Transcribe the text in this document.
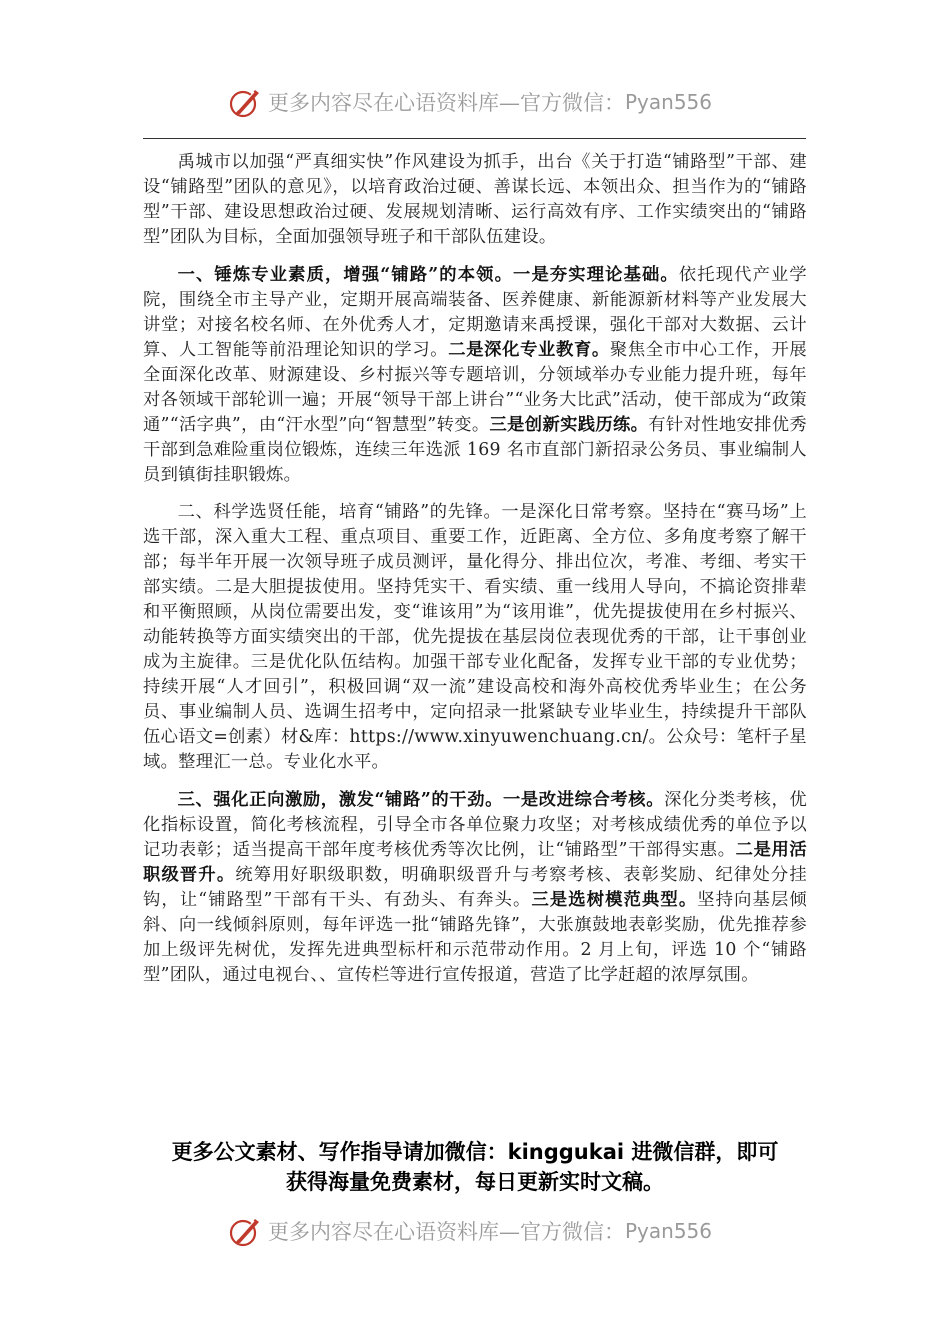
更多内容尽在心语资料库—官方微信： Pyan556

禹城市以加强“严真细实快”作风建设为抓手，出台《关于打造“铺路型”干部、建设“铺路型”团队的意见》，以培育政治过硬、善谋长远、本领出众、担当作为的“铺路型”干部、建设思想政治过硬、发展规划清晰、运行高效有序、工作实绩突出的“铺路型”团队为目标，全面加强领导班子和干部队伍建设。

一、锤炼专业素质，增强“铺路”的本领。一是夯实理论基础。依托现代产业学院，围绕全市主导产业，定期开展高端装备、医养健康、新能源新材料等产业发展大讲堂；对接名校名师、在外优秀人才，定期邀请来禹授课，强化干部对大数据、云计算、人工智能等前沿理论知识的学习。二是深化专业教育。聚焦全市中心工作，开展全面深化改革、财源建设、乡村振兴等专题培训，分领域举办专业能力提升班，每年对各领域干部轮训一遍；开展“领导干部上讲台”“业务大比武”活动，使干部成为“政策通”“活字典”，由“汗水型”向“智慧型”转变。三是创新实践历练。有针对性地安排优秀干部到急难险重岗位锻炼，连续三年选派 169 名市直部门新招录公务员、事业编制人员到镇街挂职锻炼。

二、科学选贤任能，培育“铺路”的先锋。一是深化日常考察。坚持在“赛马场”上选干部，深入重大工程、重点项目、重要工作，近距离、全方位、多角度考察了解干部；每半年开展一次领导班子成员测评，量化得分、排出位次，考准、考细、考实干部实绩。二是大胆提拔使用。坚持凭实干、看实绩、重一线用人导向，不搞论资排辈和平衡照顾，从岗位需要出发，变“谁该用”为“该用谁”，优先提拔使用在乡村振兴、动能转换等方面实绩突出的干部，优先提拔在基层岗位表现优秀的干部，让干事创业成为主旋律。三是优化队伍结构。加强干部专业化配备，发挥专业干部的专业优势；持续开展“人才回引”，积极回调“双一流”建设高校和海外高校优秀毕业生；在公务员、事业编制人员、选调生招考中，定向招录一批紧缺专业毕业生，持续提升干部队伍心语文=创素）材&库：https://www.xinyuwenchuang.cn/。公众号：笔杆子星域。整理汇一总。专业化水平。

三、强化正向激励，激发“铺路”的干劲。一是改进综合考核。深化分类考核，优化指标设置，简化考核流程，引导全市各单位聚力攻坚；对考核成绩优秀的单位予以记功表彰；适当提高干部年度考核优秀等次比例，让“铺路型”干部得实惠。二是用活职级晋升。统筹用好职级职数，明确职级晋升与考察考核、表彰奖励、纪律处分挂钩，让“铺路型”干部有干头、有劲头、有奔头。三是选树模范典型。坚持向基层倾斜、向一线倾斜原则，每年评选一批“铺路先锋”，大张旗鼓地表彰奖励，优先推荐参加上级评先树优，发挥先进典型标杆和示范带动作用。2 月上旬，评选 10 个“铺路型”团队，通过电视台、、宣传栏等进行宣传报道，营造了比学赶超的浓厚氛围。

更多公文素材、写作指导请加微信：kinggukai 进微信群，即可
获得海量免费素材，每日更新实时文稿。
更多内容尽在心语资料库—官方微信： Pyan556
